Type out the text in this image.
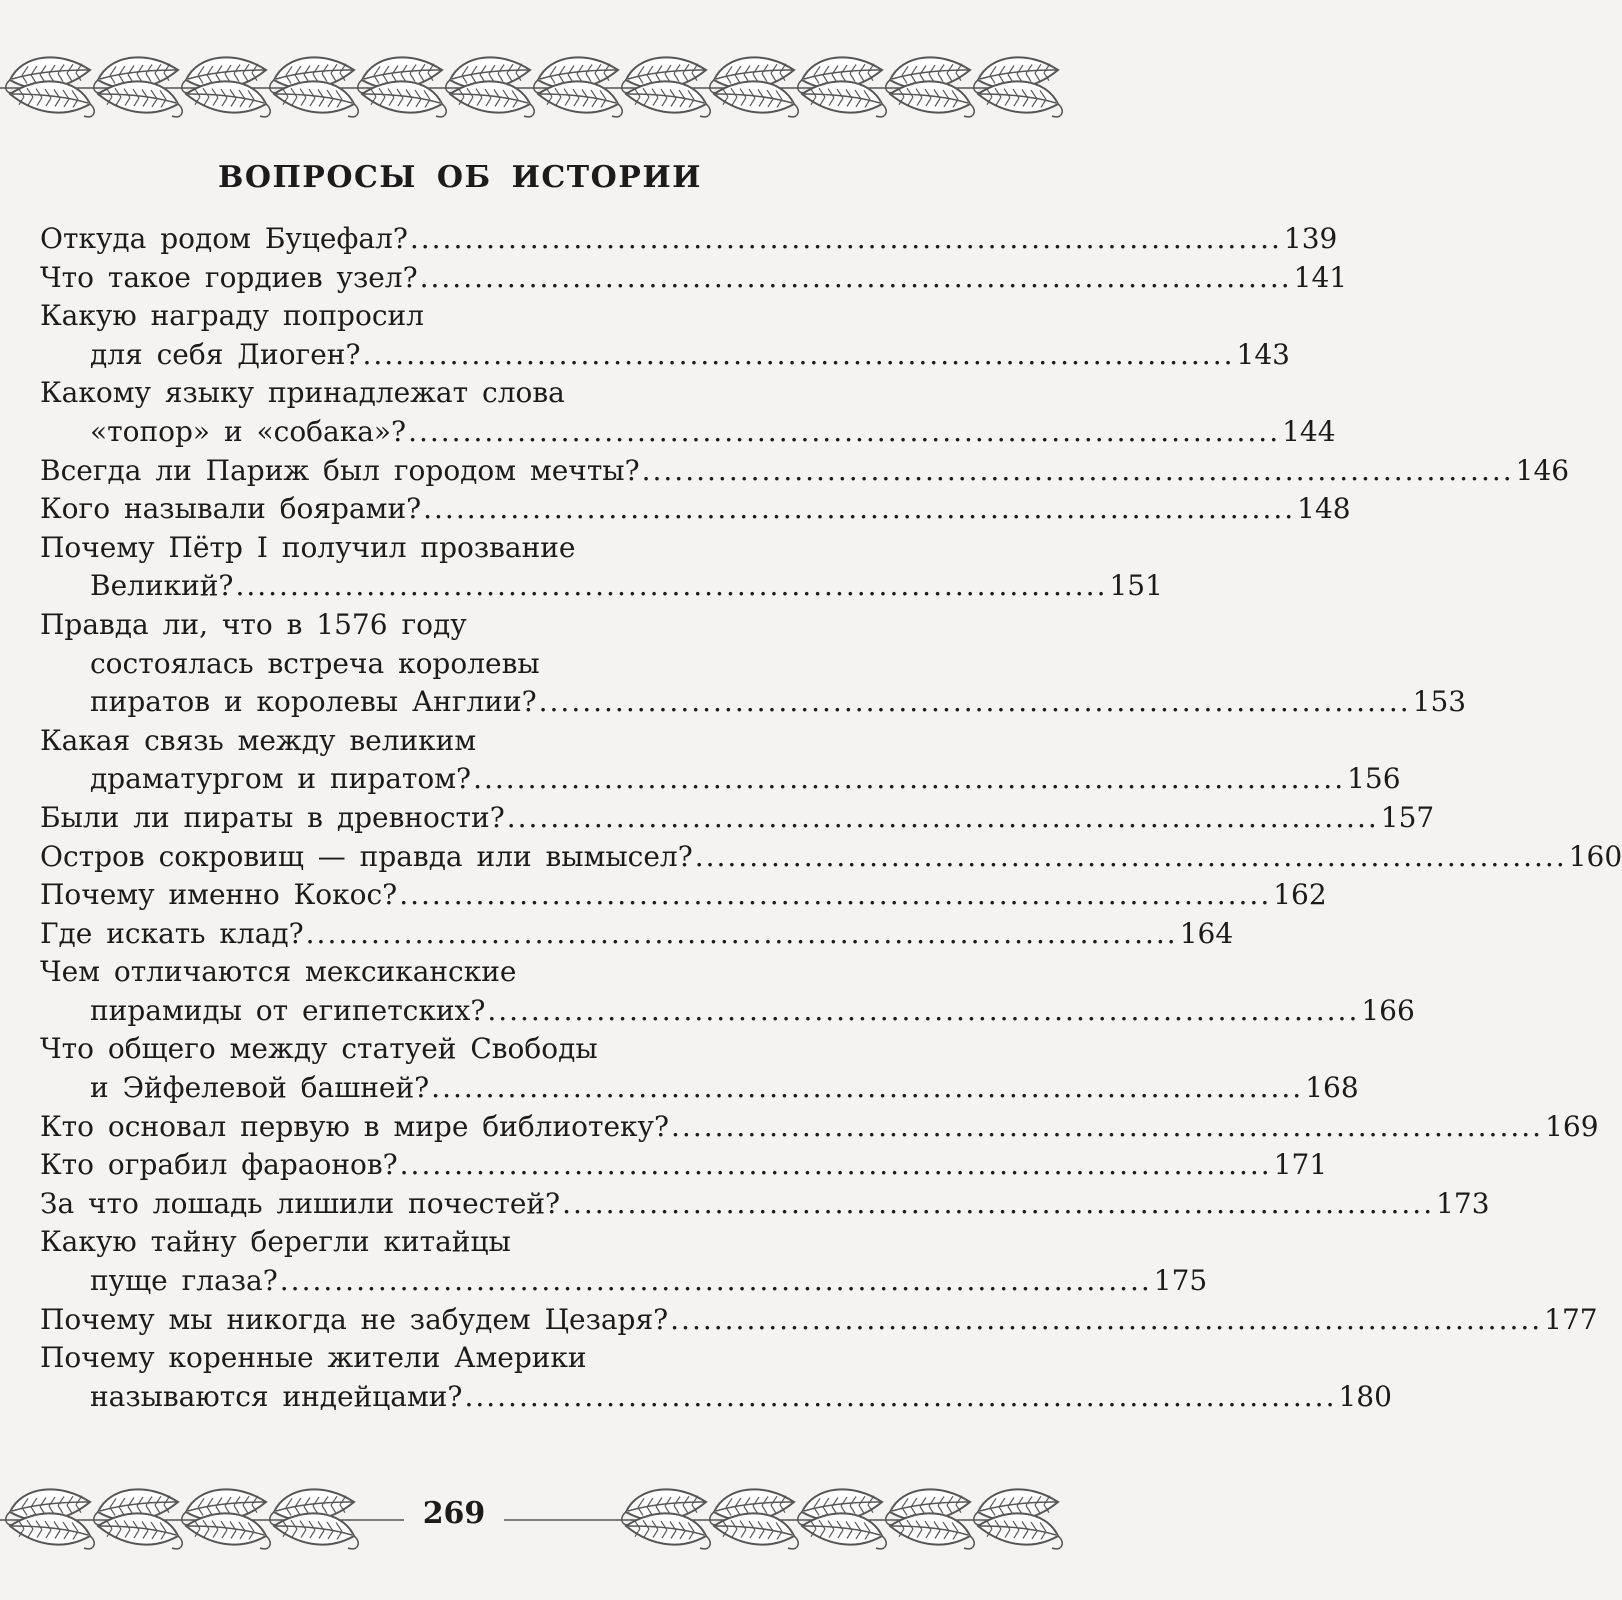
ВОПРОСЫ ОБ ИСТОРИИ
Откуда родом Буцефал? ................................................................................ 139
Что такое гордиев узел? ................................................................................ 141
Какую награду попросил
для себя Диоген? ................................................................................ 143
Какому языку принадлежат слова
«топор» и «собака»? ................................................................................ 144
Всегда ли Париж был городом мечты? ................................................................................ 146
Кого называли боярами? ................................................................................ 148
Почему Пётр I получил прозвание
Великий? ................................................................................ 151
Правда ли, что в 1576 году
состоялась встреча королевы
пиратов и королевы Англии? ................................................................................ 153
Какая связь между великим
драматургом и пиратом? ................................................................................ 156
Были ли пираты в древности? ................................................................................ 157
Остров сокровищ — правда или вымысел? ................................................................................ 160
Почему именно Кокос? ................................................................................ 162
Где искать клад? ................................................................................ 164
Чем отличаются мексиканские
пирамиды от египетских? ................................................................................ 166
Что общего между статуей Свободы
и Эйфелевой башней? ................................................................................ 168
Кто основал первую в мире библиотеку? ................................................................................ 169
Кто ограбил фараонов? ................................................................................ 171
За что лошадь лишили почестей? ................................................................................ 173
Какую тайну берегли китайцы
пуще глаза? ................................................................................ 175
Почему мы никогда не забудем Цезаря? ................................................................................ 177
Почему коренные жители Америки
называются индейцами? ................................................................................ 180
269
